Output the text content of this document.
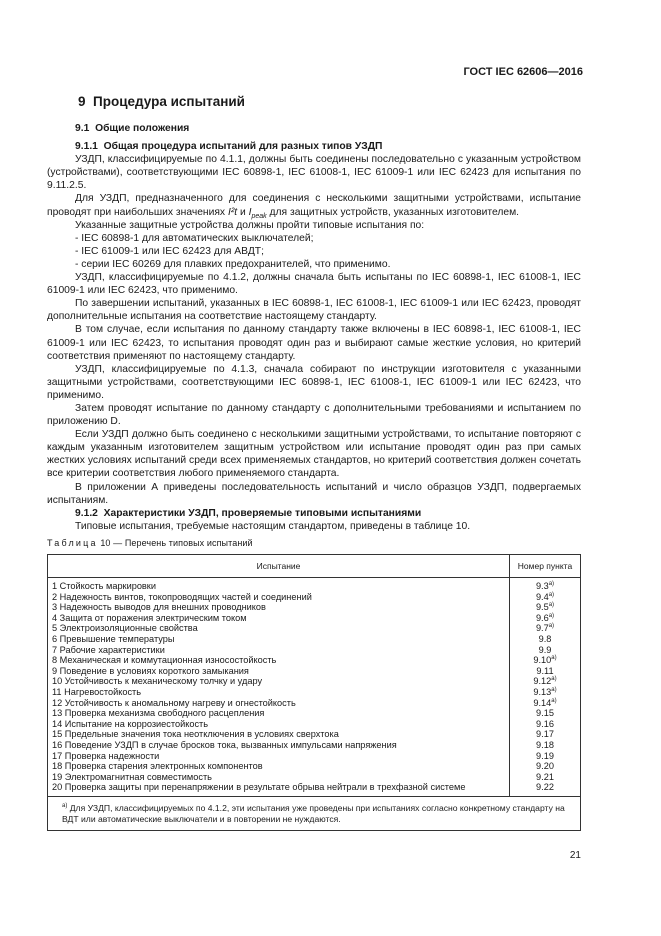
ГОСТ IEC 62606—2016
9 Процедура испытаний

9.1 Общие положения

9.1.1 Общая процедура испытаний для разных типов УЗДП

УЗДП, классифицируемые по 4.1.1, должны быть соединены последовательно с указанным устройством (устройствами), соответствующими IEC 60898-1, IEC 61008-1, IEC 61009-1 или IEC 62423 для испытания по 9.11.2.5.

Для УЗДП, предназначенного для соединения с несколькими защитными устройствами, испытание проводят при наибольших значениях I²t и $I_{peak}$ для защитных устройств, указанных изготовителем.

Указанные защитные устройства должны пройти типовые испытания по:

- IEC 60898-1 для автоматических выключателей;

- IEC 61009-1 или IEC 62423 для АВДТ;

- серии IEC 60269 для плавких предохранителей, что применимо.

УЗДП, классифицируемые по 4.1.2, должны сначала быть испытаны по IEC 60898-1, IEC 61008-1, IEC 61009-1 или IEC 62423, что применимо.

По завершении испытаний, указанных в IEC 60898-1, IEC 61008-1, IEC 61009-1 или IEC 62423, проводят дополнительные испытания на соответствие настоящему стандарту.

В том случае, если испытания по данному стандарту также включены в IEC 60898-1, IEC 61008-1, IEC 61009-1 или IEC 62423, то испытания проводят один раз и выбирают самые жесткие условия, но критерий соответствия применяют по настоящему стандарту.

УЗДП, классифицируемые по 4.1.3, сначала собирают по инструкции изготовителя с указанными защитными устройствами, соответствующими IEC 60898-1, IEC 61008-1, IEC 61009-1 или IEC 62423, что применимо.

Затем проводят испытание по данному стандарту с дополнительными требованиями и испытанием по приложению D.

Если УЗДП должно быть соединено с несколькими защитными устройствами, то испытание повторяют с каждым указанным изготовителем защитным устройством или испытание проводят один раз при самых жестких условиях испытаний среди всех применяемых стандартов, но критерий соответствия должен сочетать все критерии соответствия любого применяемого стандарта.

В приложении А приведены последовательность испытаний и число образцов УЗДП, подвергаемых испытаниям.

9.1.2 Характеристики УЗДП, проверяемые типовыми испытаниями

Типовые испытания, требуемые настоящим стандартом, приведены в таблице 10.

Таблица 10 — Перечень типовых испытаний
Испытание	Номер пункта
1 Стойкость маркировки	$9.3^{а)}$
2 Надежность винтов, токопроводящих частей и соединений	$9.4^{а)}$
3 Надежность выводов для внешних проводников	$9.5^{а)}$
4 Защита от поражения электрическим током	$9.6^{а)}$
5 Электроизоляционные свойства	$9.7^{а)}$
6 Превышение температуры	9.8
7 Рабочие характеристики	9.9
8 Механическая и коммутационная износостойкость	$9.10^{а)}$
9 Поведение в условиях короткого замыкания	9.11
10 Устойчивость к механическому толчку и удару	$9.12^{а)}$
11 Нагревостойкость	$9.13^{а)}$
12 Устойчивость к аномальному нагреву и огнестойкость	$9.14^{а)}$
13 Проверка механизма свободного расцепления	9.15
14 Испытание на коррозиестойкость	9.16
15 Предельные значения тока неотключения в условиях сверхтока	9.17
16 Поведение УЗДП в случае бросков тока, вызванных импульсами напряжения	9.18
17 Проверка надежности	9.19
18 Проверка старения электронных компонентов	9.20
19 Электромагнитная совместимость	9.21
20 Проверка защиты при перенапряжении в результате обрыва нейтрали в трехфазной системе	9.22
$^{а)}$ Для УЗДП, классифицируемых по 4.1.2, эти испытания уже проведены при испытаниях согласно конкретному стандарту на ВДТ или автоматические выключатели и в повторении не нуждаются.	
21
